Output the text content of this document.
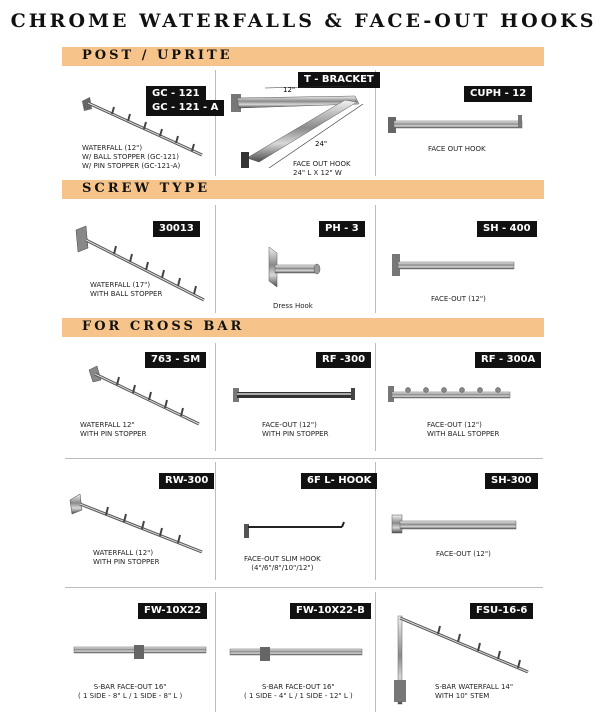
CHROME WATERFALLS & FACE-OUT HOOKS
POST / UPRITE
SCREW TYPE
FOR CROSS BAR
GC - 121
GC - 121 - A
WATERFALL (12")
W/ BALL STOPPER (GC-121)
W/ PIN STOPPER (GC-121-A)
T - BRACKET
12"
24"
FACE OUT HOOK
24" L X 12" W
CUPH - 12
FACE OUT HOOK
30013
WATERFALL (17")
WITH BALL STOPPER
PH - 3
Dress Hook
SH - 400
FACE-OUT (12")
763 - SM
WATERFALL 12"
WITH PIN STOPPER
RF -300
FACE-OUT (12")
WITH PIN STOPPER
RF - 300A
FACE-OUT (12")
WITH BALL STOPPER
RW-300
WATERFALL (12")
WITH PIN STOPPER
6F L- HOOK
FACE-OUT SLIM HOOK
(4"/6"/8"/10"/12")
SH-300
FACE-OUT (12")
FW-10X22
S-BAR FACE-OUT 16"
( 1 SIDE - 8" L / 1 SIDE - 8" L )
FW-10X22-B
S-BAR FACE-OUT 16"
( 1 SIDE - 4" L / 1 SIDE - 12" L )
FSU-16-6
S-BAR WATERFALL 14"
WITH 10" STEM
